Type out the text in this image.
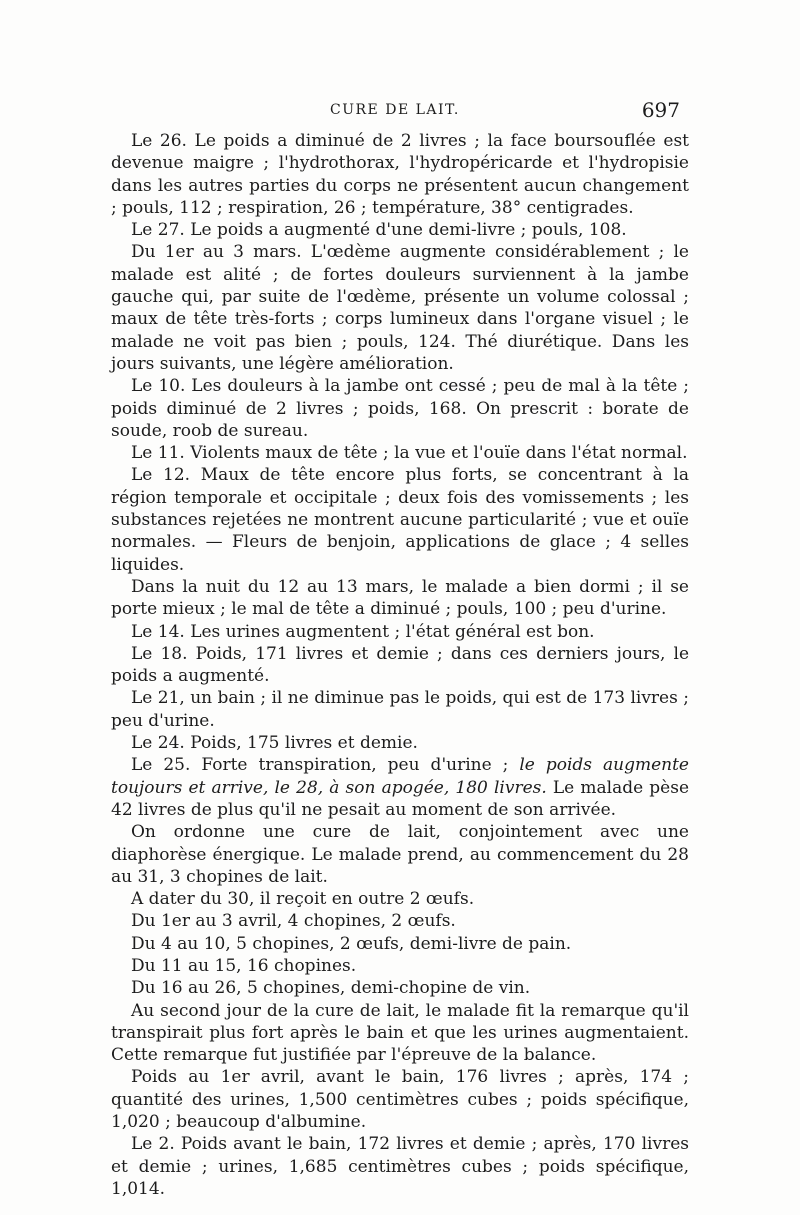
CURE DE LAIT.	697

Le 26. Le poids a diminué de 2 livres ; la face boursouflée est devenue maigre ; l'hydrothorax, l'hydropéricarde et l'hydropisie dans les autres parties du corps ne présentent aucun changement ; pouls, 112 ; respiration, 26 ; température, 38° centigrades.

Le 27. Le poids a augmenté d'une demi-livre ; pouls, 108.

Du 1er au 3 mars. L'œdème augmente considérablement ; le malade est alité ; de fortes douleurs surviennent à la jambe gauche qui, par suite de l'œdème, présente un volume colossal ; maux de tête très-forts ; corps lumineux dans l'organe visuel ; le malade ne voit pas bien ; pouls, 124. Thé diurétique. Dans les jours suivants, une légère amélioration.

Le 10. Les douleurs à la jambe ont cessé ; peu de mal à la tête ; poids diminué de 2 livres ; poids, 168. On prescrit : borate de soude, roob de sureau.

Le 11. Violents maux de tête ; la vue et l'ouïe dans l'état normal.

Le 12. Maux de tête encore plus forts, se concentrant à la région temporale et occipitale ; deux fois des vomissements ; les substances rejetées ne montrent aucune particularité ; vue et ouïe normales. — Fleurs de benjoin, applications de glace ; 4 selles liquides.

Dans la nuit du 12 au 13 mars, le malade a bien dormi ; il se porte mieux ; le mal de tête a diminué ; pouls, 100 ; peu d'urine.

Le 14. Les urines augmentent ; l'état général est bon.

Le 18. Poids, 171 livres et demie ; dans ces derniers jours, le poids a augmenté.

Le 21, un bain ; il ne diminue pas le poids, qui est de 173 livres ; peu d'urine.

Le 24. Poids, 175 livres et demie.

Le 25. Forte transpiration, peu d'urine ; le poids augmente toujours et arrive, le 28, à son apogée, 180 livres. Le malade pèse 42 livres de plus qu'il ne pesait au moment de son arrivée.

On ordonne une cure de lait, conjointement avec une diaphorèse énergique. Le malade prend, au commencement du 28 au 31, 3 chopines de lait.

A dater du 30, il reçoit en outre 2 œufs.

Du 1er au 3 avril, 4 chopines, 2 œufs.

Du 4 au 10, 5 chopines, 2 œufs, demi-livre de pain.

Du 11 au 15, 16 chopines.

Du 16 au 26, 5 chopines, demi-chopine de vin.

Au second jour de la cure de lait, le malade fit la remarque qu'il transpirait plus fort après le bain et que les urines augmentaient. Cette remarque fut justifiée par l'épreuve de la balance.

Poids au 1er avril, avant le bain, 176 livres ; après, 174 ; quantité des urines, 1,500 centimètres cubes ; poids spécifique, 1,020 ; beaucoup d'albumine.

Le 2. Poids avant le bain, 172 livres et demie ; après, 170 livres et demie ; urines, 1,685 centimètres cubes ; poids spécifique, 1,014.
